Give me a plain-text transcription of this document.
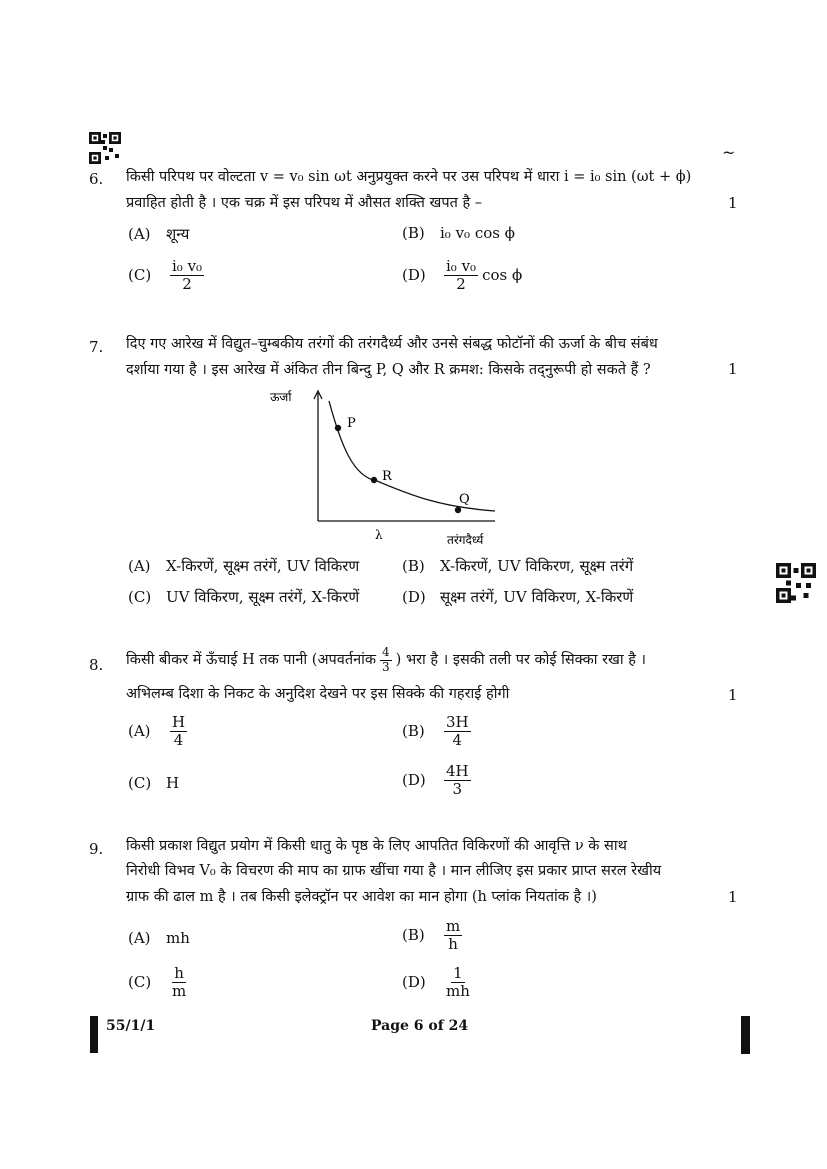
~
6. किसी परिपथ पर वोल्टता v = v₀ sin ωt अनुप्रयुक्त करने पर उस परिपथ में धारा i = i₀ sin (ωt + ϕ)
प्रवाहित होती है । एक चक्र में इस परिपथ में औसत शक्ति खपत है –	1
(A)	शून्य	(B)	i₀ v₀ cos ϕ
(C)	$\frac{\text{i₀ v₀}}{2}$	(D)	$\frac{\text{i₀ v₀}}{2}$ cos ϕ
7. दिए गए आरेख में विद्युत–चुम्बकीय तरंगों की तरंगदैर्ध्य और उनसे संबद्ध फोटॉनों की ऊर्जा के बीच संबंध
दर्शाया गया है । इस आरेख में अंकित तीन बिन्दु P, Q और R क्रमश: किसके तद्नुरूपी हो सकते हैं ?	1
P
R
Q
ऊर्जा
λ	तरंगदैर्ध्य
(A)	X-किरणें, सूक्ष्म तरंगें, UV विकिरण	(B)	X-किरणें, UV विकिरण, सूक्ष्म तरंगें
(C) UV विकिरण, सूक्ष्म तरंगें, X-किरणें	(D) सूक्ष्म तरंगें, UV विकिरण, X-किरणें
8. किसी बीकर में ऊँचाई H तक पानी (अपवर्तनांक $\frac{4}{3}$ ) भरा है । इसकी तली पर कोई सिक्का रखा है ।
अभिलम्ब दिशा के निकट के अनुदिश देखने पर इस सिक्के की गहराई होगी	1
(A)	$\frac{H}{4}$	(B)	$\frac{3H}{4}$
(C) H	(D)	$\frac{4H}{3}$
9. किसी प्रकाश विद्युत प्रयोग में किसी धातु के पृष्ठ के लिए आपतित विकिरणों की आवृत्ति ν के साथ
निरोधी विभव V₀ के विचरण की माप का ग्राफ खींचा गया है । मान लीजिए इस प्रकार प्राप्त सरल रेखीय
ग्राफ की ढाल m है । तब किसी इलेक्ट्रॉन पर आवेश का मान होगा (h प्लांक नियतांक है ।)	1
(A)	mh	(B)	$\frac{m}{h}$
(C)	$\frac{h}{m}$	(D)	$\frac{1}{mh}$
55/1/1	Page 6 of 24
